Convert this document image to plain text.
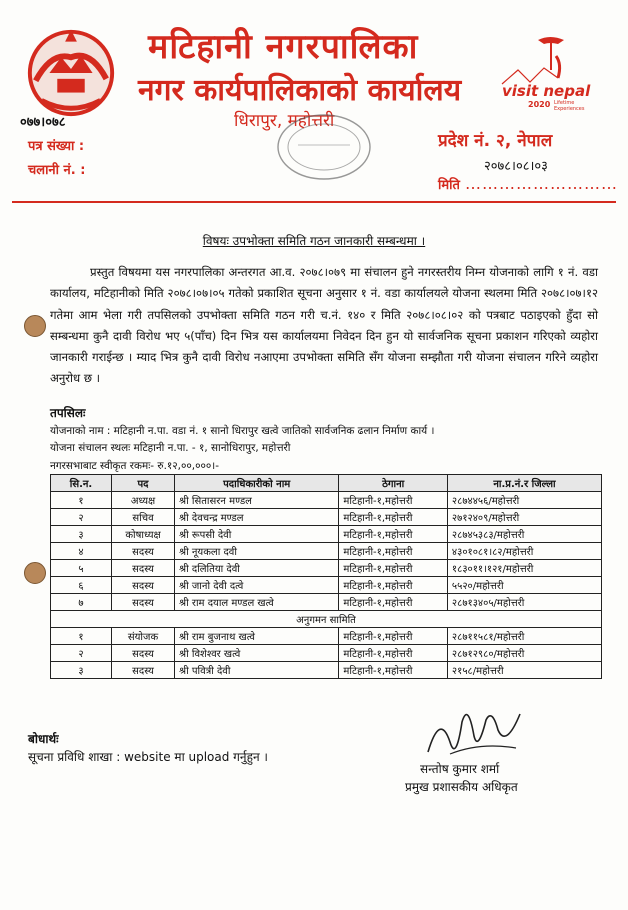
मटिहानी नगरपालिका
नगर कार्यपालिकाको कार्यालय
०७७।०७८	धिरापुर, महोत्तरी
visit nepal
2020 Lifetime Experiences
पत्र संख्या :
चलानी नं. :
प्रदेश नं. २, नेपाल
२०७८।०८।०३
मिति ………………………
विषयः उपभोक्ता समिति गठन जानकारी सम्बन्धमा ।
प्रस्तुत विषयमा यस नगरपालिका अन्तरगत आ.व. २०७८।०७९ मा संचालन हुने नगरस्तरीय निम्न योजनाको लागि १ नं. वडा कार्यालय, मटिहानीको मिति २०७८।०७।०५ गतेको प्रकाशित सूचना अनुसार १ नं. वडा कार्यालयले योजना स्थलमा मिति २०७८।०७।१२ गतेमा आम भेला गरी तपसिलको उपभोक्ता समिति गठन गरी च.नं. १४० र मिति २०७८।०८।०२ को पत्रबाट पठाइएको हुँदा सो सम्बन्धमा कुनै दावी विरोध भए ५(पाँच) दिन भित्र यस कार्यालयमा निवेदन दिन हुन यो सार्वजनिक सूचना प्रकाशन गरिएको व्यहोरा जानकारी गराईन्छ । म्याद भित्र कुनै दावी विरोध नआएमा उपभोक्ता समिति सँग योजना सम्झौता गरी योजना संचालन गरिने व्यहोरा अनुरोध छ ।
तपसिलः
योजनाको नाम : मटिहानी न.पा. वडा नं. १ सानो धिरापुर खत्वे जातिको सार्वजनिक ढलान निर्माण कार्य ।
योजना संचालन स्थलः मटिहानी न.पा. - १, सानोधिरापुर, महोत्तरी
नगरसभाबाट स्वीकृत रकमः- रु.१२,००,०००।-
सि.न.	पद	पदाधिकारीको नाम	ठेगाना	ना.प्र.नं.र जिल्ला
१	अध्यक्ष	श्री सितासरन मण्डल	मटिहानी-१,महोत्तरी	२८७४४५६/महोत्तरी
२	सचिव	श्री देवचन्द्र मण्डल	मटिहानी-१,महोत्तरी	२७१२४०९/महोत्तरी
३	कोषाध्यक्ष	श्री रूपसी देवी	मटिहानी-१,महोत्तरी	२८७४५३८३/महोत्तरी
४	सदस्य	श्री नूयकला दवी	मटिहानी-१,महोत्तरी	४३०१०८१।८२/महोत्तरी
५	सदस्य	श्री दलितिया देवी	मटिहानी-१,महोत्तरी	१८३०११।१२१/महोत्तरी
६	सदस्य	श्री जानो देवी दत्वे	मटिहानी-१,महोत्तरी	५५२०/महोत्तरी
७	सदस्य	श्री राम दयाल मण्डल खत्वे	मटिहानी-१,महोत्तरी	२८७१३४०५/महोत्तरी
अनुगमन सामिति				
१	संयोजक	श्री राम बुजनाथ खत्वे	मटिहानी-१,महोत्तरी	२८७११५८१/महोत्तरी
२	सदस्य	श्री विशेश्वर खत्वे	मटिहानी-१,महोत्तरी	२८७१२९८०/महोत्तरी
३	सदस्य	श्री पवित्री देवी	मटिहानी-१,महोत्तरी	२१५८/महोत्तरी
बोधार्थः
सूचना प्रविधि शाखा : website मा upload गर्नुहुन ।
सन्तोष कुमार शर्मा
प्रमुख प्रशासकीय अधिकृत
